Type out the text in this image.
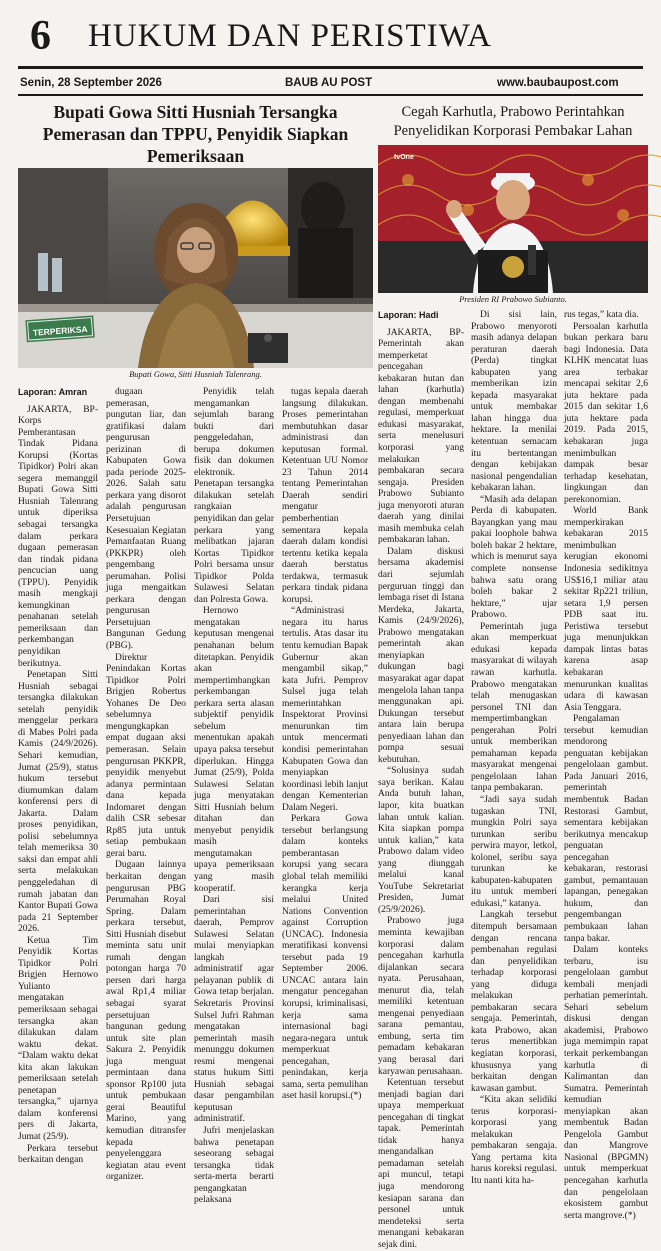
6 HUKUM DAN PERISTIWA
Senin, 28 September 2026	BAUB AU POST	www.baubaupost.com
Bupati Gowa Sitti Husniah Tersangka Pemerasan dan TPPU, Penyidik Siapkan Pemeriksaan
TERPERIKSA
Bupati Gowa, Sitti Husniah Talenrang.

Laporan: Amran

JAKARTA, BP- Korps Pemberantasan Tindak Pidana Korupsi (Kortas Tipidkor) Polri akan segera memanggil Bupati Gowa Sitti Husniah Talenrang untuk diperiksa sebagai tersangka dalam perkara dugaan pemerasan dan tindak pidana pencucian uang (TPPU). Penyidik masih mengkaji kemungkinan penahanan setelah pemeriksaan dan perkembangan penyidikan berikutnya.

Penetapan Sitti Husniah sebagai tersangka dilakukan setelah penyidik menggelar perkara di Mabes Polri pada Kamis (24/9/2026). Sehari kemudian, Jumat (25/9), status hukum tersebut diumumkan dalam konferensi pers di Jakarta. Dalam proses penyidikan, polisi sebelumnya telah memeriksa 30 saksi dan empat ahli serta melakukan penggeledahan di rumah jabatan dan Kantor Bupati Gowa pada 21 September 2026.

Ketua Tim Penyidik Kortas Tipidkor Polri Brigjen Hernowo Yulianto mengatakan pemeriksaan sebagai tersangka akan dilakukan dalam waktu dekat. “Dalam waktu dekat kita akan lakukan pemeriksaan setelah penetapan tersangka,” ujarnya dalam konferensi pers di Jakarta, Jumat (25/9).

Perkara tersebut berkaitan dengan

dugaan pemerasan, pungutan liar, dan gratifikasi dalam pengurusan perizinan di Kabupaten Gowa pada periode 2025-2026. Salah satu perkara yang disorot adalah pengurusan Persetujuan Kesesuaian Kegiatan Pemanfaatan Ruang (PKKPR) oleh pengembang perumahan. Polisi juga mengaitkan perkara dengan pengurusan Persetujuan Bangunan Gedung (PBG).

Direktur Penindakan Kortas Tipidkor Polri Brigjen Robertus Yohanes De Deo sebelumnya mengungkapkan empat dugaan aksi pemerasan. Selain pengurusan PKKPR, penyidik menyebut adanya permintaan dana kepada Indomaret dengan dalih CSR sebesar Rp85 juta untuk setiap pembukaan gerai baru.

Dugaan lainnya berkaitan dengan pengurusan PBG Perumahan Royal Spring. Dalam perkara tersebut, Sitti Husniah disebut meminta satu unit rumah dengan potongan harga 70 persen dari harga awal Rp1,4 miliar sebagai syarat persetujuan bangunan gedung untuk site plan Sakura 2. Penyidik juga menguat permintaan dana sponsor Rp100 juta untuk pembukaan gerai Beautiful Marino, yang kemudian ditransfer kepada penyelenggara kegiatan atau event organizer.

Penyidik telah mengamankan sejumlah barang bukti dari penggeledahan, berupa dokumen fisik dan dokumen elektronik. Penetapan tersangka dilakukan setelah rangkaian penyidikan dan gelar perkara yang melibatkan jajaran Kortas Tipidkor Polri bersama unsur Tipidkor Polda Sulawesi Selatan dan Polresta Gowa.

Hernowo mengatakan keputusan mengenai penahanan belum ditetapkan. Penyidik akan mempertimbangkan perkembangan perkara serta alasan subjektif penyidik sebelum menentukan apakah upaya paksa tersebut diperlukan. Hingga Jumat (25/9), Polda Sulawesi Selatan juga menyatakan Sitti Husniah belum ditahan dan menyebut penyidik masih mengutamakan upaya pemeriksaan yang masih kooperatif.

Dari sisi pemerintahan daerah, Pemprov Sulawesi Selatan mulai menyiapkan langkah administratif agar pelayanan publik di Gowa tetap berjalan. Sekretaris Provinsi Sulsel Jufri Rahman mengatakan pemerintah masih menunggu dokumen resmi mengenai status hukum Sitti Husniah sebagai dasar pengambilan keputusan administratif.

Jufri menjelaskan bahwa penetapan seseorang sebagai tersangka tidak serta-merta berarti pengangkatan pelaksana

tugas kepala daerah langsung dilakukan. Proses pemerintahan membutuhkan dasar administrasi dan keputusan formal. Ketentuan UU Nomor 23 Tahun 2014 tentang Pemerintahan Daerah sendiri mengatur pemberhentian sementara kepala daerah dalam kondisi tertentu ketika kepala daerah berstatus terdakwa, termasuk perkara tindak pidana korupsi.

“Administrasi negara itu harus tertulis. Atas dasar itu tentu kemudian Bapak Gubernur akan mengambil sikap,” kata Jufri. Pemprov Sulsel juga telah memerintahkan Inspektorat Provinsi menurunkan tim untuk mencermati kondisi pemerintahan Kabupaten Gowa dan menyiapkan koordinasi lebih lanjut dengan Kementerian Dalam Negeri.

Perkara Gowa tersebut berlangsung dalam konteks pemberantasan korupsi yang secara global telah memiliki kerangka kerja melalui United Nations Convention against Corruption (UNCAC). Indonesia meratifikasi konvensi tersebut pada 19 September 2006. UNCAC antara lain mengatur pencegahan korupsi, kriminalisasi, kerja sama internasional bagi negara-negara untuk memperkuat pencegahan, penindakan, kerja sama, serta pemulihan aset hasil korupsi.(*)

Cegah Karhutla, Prabowo Perintahkan Penyelidikan Korporasi Pembakar Lahan
tvOne
Presiden RI Prabowo Subianto.

Laporan: Hadi

JAKARTA, BP- Pemerintah akan memperketat pencegahan kebakaran hutan dan lahan (karhutla) dengan membenahi regulasi, memperkuat edukasi masyarakat, serta menelusuri korporasi yang melakukan pembakaran secara sengaja. Presiden Prabowo Subianto juga menyoroti aturan daerah yang dinilai masih membuka celah pembakaran lahan.

Dalam diskusi bersama akademisi dari sejumlah perguruan tinggi dan lembaga riset di Istana Merdeka, Jakarta, Kamis (24/9/2026), Prabowo mengatakan pemerintah akan menyiapkan dukungan bagi masyarakat agar dapat mengelola lahan tanpa menggunakan api. Dukungan tersebut antara lain berupa penyediaan lahan dan pompa sesuai kebutuhan.

“Solusinya sudah saya berikan. Kalau Anda butuh lahan, lapor, kita buatkan lahan untuk kalian. Kita siapkan pompa untuk kalian,” kata Prabowo dalam video yang diunggah melalui kanal YouTube Sekretariat Presiden, Jumat (25/9/2026).

Prabowo juga meminta kewajiban korporasi dalam pencegahan karhutla dijalankan secara nyata. Perusahaan, menurut dia, telah memiliki ketentuan mengenai penyediaan sarana pemantau, embung, serta tim pemadam kebakaran yang berasal dari karyawan perusahaan.

Ketentuan tersebut menjadi bagian dari upaya memperkuat pencegahan di tingkat tapak. Pemerintah tidak hanya mengandalkan pemadaman setelah api muncul, tetapi juga mendorong kesiapan sarana dan personel untuk mendeteksi serta menangani kebakaran sejak dini.

Di sisi lain, Prabowo menyoroti masih adanya delapan peraturan daerah (Perda) tingkat kabupaten yang memberikan izin kepada masyarakat untuk membakar lahan hingga dua hektare. Ia menilai ketentuan semacam itu bertentangan dengan kebijakan nasional pengendalian kebakaran lahan.

“Masih ada delapan Perda di kabupaten. Bayangkan yang mau pakai loophole bahwa boleh bakar 2 hektare, which is menurut saya complete nonsense bahwa satu orang boleh bakar 2 hektare,” ujar Prabowo.

Pemerintah juga akan memperkuat edukasi kepada masyarakat di wilayah rawan karhutla. Prabowo mengatakan telah menugaskan personel TNI dan mempertimbangkan pengerahan Polri untuk memberikan pemahaman kepada masyarakat mengenai pengelolaan lahan tanpa pembakaran.

“Jadi saya sudah tugaskan TNI, mungkin Polri saya turunkan seribu perwira mayor, letkol, kolonel, seribu saya turunkan ke kabupaten-kabupaten itu untuk memberi edukasi,” katanya.

Langkah tersebut ditempuh bersamaan dengan rencana pembenahan regulasi dan penyelidikan terhadap korporasi yang diduga melakukan pembakaran secara sengaja. Pemerintah, kata Prabowo, akan terus menertibkan kegiatan korporasi, khususnya yang berkaitan dengan kawasan gambut.

“Kita akan selidiki terus korporasi-korporasi yang melakukan pembakaran sengaja. Yang pertama kita harus koreksi regulasi. Itu nanti kita ha-

rus tegas,” kata dia.

Persoalan karhutla bukan perkara baru bagi Indonesia. Data KLHK mencatat luas area terbakar mencapai sekitar 2,6 juta hektare pada 2015 dan sekitar 1,6 juta hektare pada 2019. Pada 2015, kebakaran juga menimbulkan dampak besar terhadap kesehatan, lingkungan dan perekonomian.

World Bank memperkirakan kebakaran 2015 menimbulkan kerugian ekonomi Indonesia sedikitnya US$16,1 miliar atau sekitar Rp221 triliun, setara 1,9 persen PDB saat itu. Peristiwa tersebut juga menunjukkan dampak lintas batas karena asap kebakaran menurunkan kualitas udara di kawasan Asia Tenggara.

Pengalaman tersebut kemudian mendorong penguatan kebijakan pengelolaan gambut. Pada Januari 2016, pemerintah membentuk Badan Restorasi Gambut, sementara kebijakan berikutnya mencakup penguatan pencegahan kebakaran, restorasi gambut, pemantauan lapangan, penegakan hukum, dan pengembangan pembukaan lahan tanpa bakar.

Dalam konteks terbaru, isu pengelolaan gambut kembali menjadi perhatian pemerintah. Sehari sebelum diskusi dengan akademisi, Prabowo juga memimpin rapat terkait perkembangan karhutla di Kalimantan dan Sumatra. Pemerintah kemudian menyiapkan akan membentuk Badan Pengelola Gambut dan Mangrove Nasional (BPGMN) untuk memperkuat pencegahan karhutla dan pengelolaan ekosistem gambut serta mangrove.(*)
